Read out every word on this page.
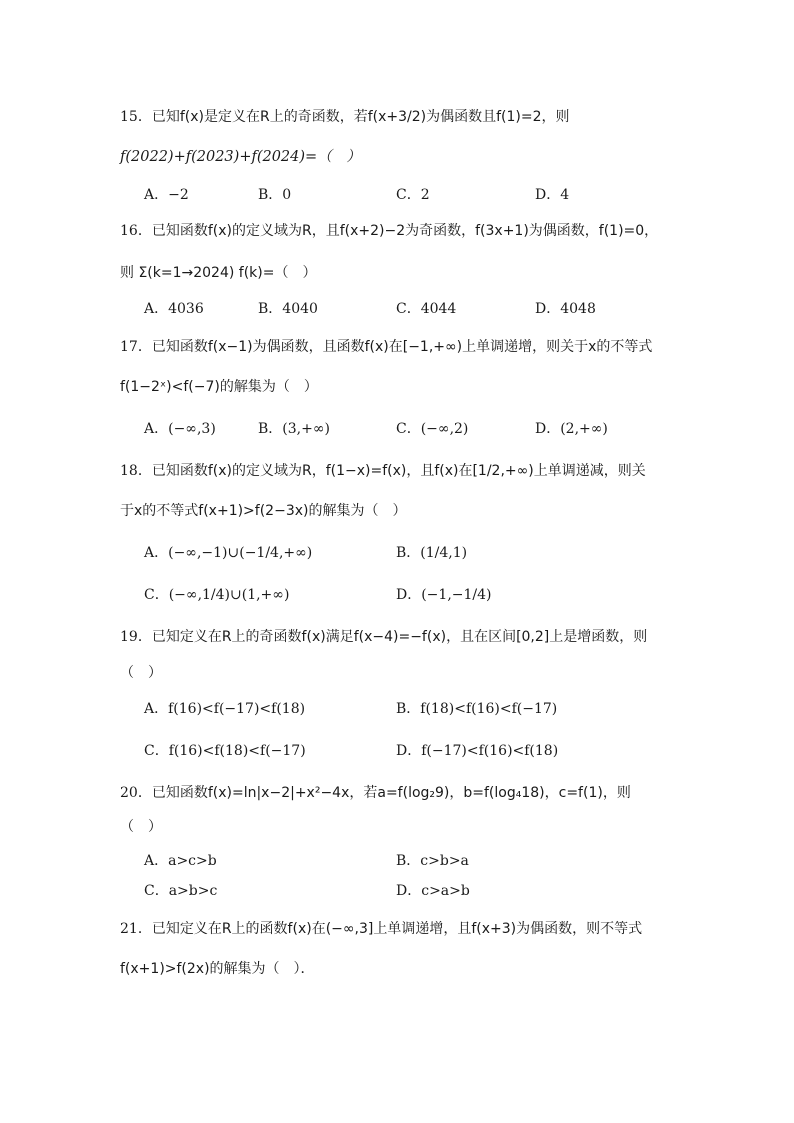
15．已知f(x)是定义在R上的奇函数，若f(x+3/2)为偶函数且f(1)=2，则
f(2022)+f(2023)+f(2024)=（　）
A．−2	B．0	C．2	D．4
16．已知函数f(x)的定义域为R，且f(x+2)−2为奇函数，f(3x+1)为偶函数，f(1)=0，
则 Σ(k=1→2024) f(k)=（　）
A．4036	B．4040	C．4044	D．4048
17．已知函数f(x−1)为偶函数，且函数f(x)在[−1,+∞)上单调递增，则关于x的不等式
f(1−2ˣ)<f(−7)的解集为（　）
A．(−∞,3)	B．(3,+∞)	C．(−∞,2)	D．(2,+∞)
18．已知函数f(x)的定义域为R，f(1−x)=f(x)，且f(x)在[1/2,+∞)上单调递减，则关
于x的不等式f(x+1)>f(2−3x)的解集为（　）
A．(−∞,−1)∪(−1/4,+∞)	B．(1/4,1)
C．(−∞,1/4)∪(1,+∞)	D．(−1,−1/4)
19．已知定义在R上的奇函数f(x)满足f(x−4)=−f(x)，且在区间[0,2]上是增函数，则
（　）
A．f(16)<f(−17)<f(18)	B．f(18)<f(16)<f(−17)
C．f(16)<f(18)<f(−17)	D．f(−17)<f(16)<f(18)
20．已知函数f(x)=ln|x−2|+x²−4x，若a=f(log₂9)，b=f(log₄18)，c=f(1)，则
（　）
A．a>c>b	B．c>b>a
C．a>b>c	D．c>a>b
21．已知定义在R上的函数f(x)在(−∞,3]上单调递增，且f(x+3)为偶函数，则不等式
f(x+1)>f(2x)的解集为（　）．
